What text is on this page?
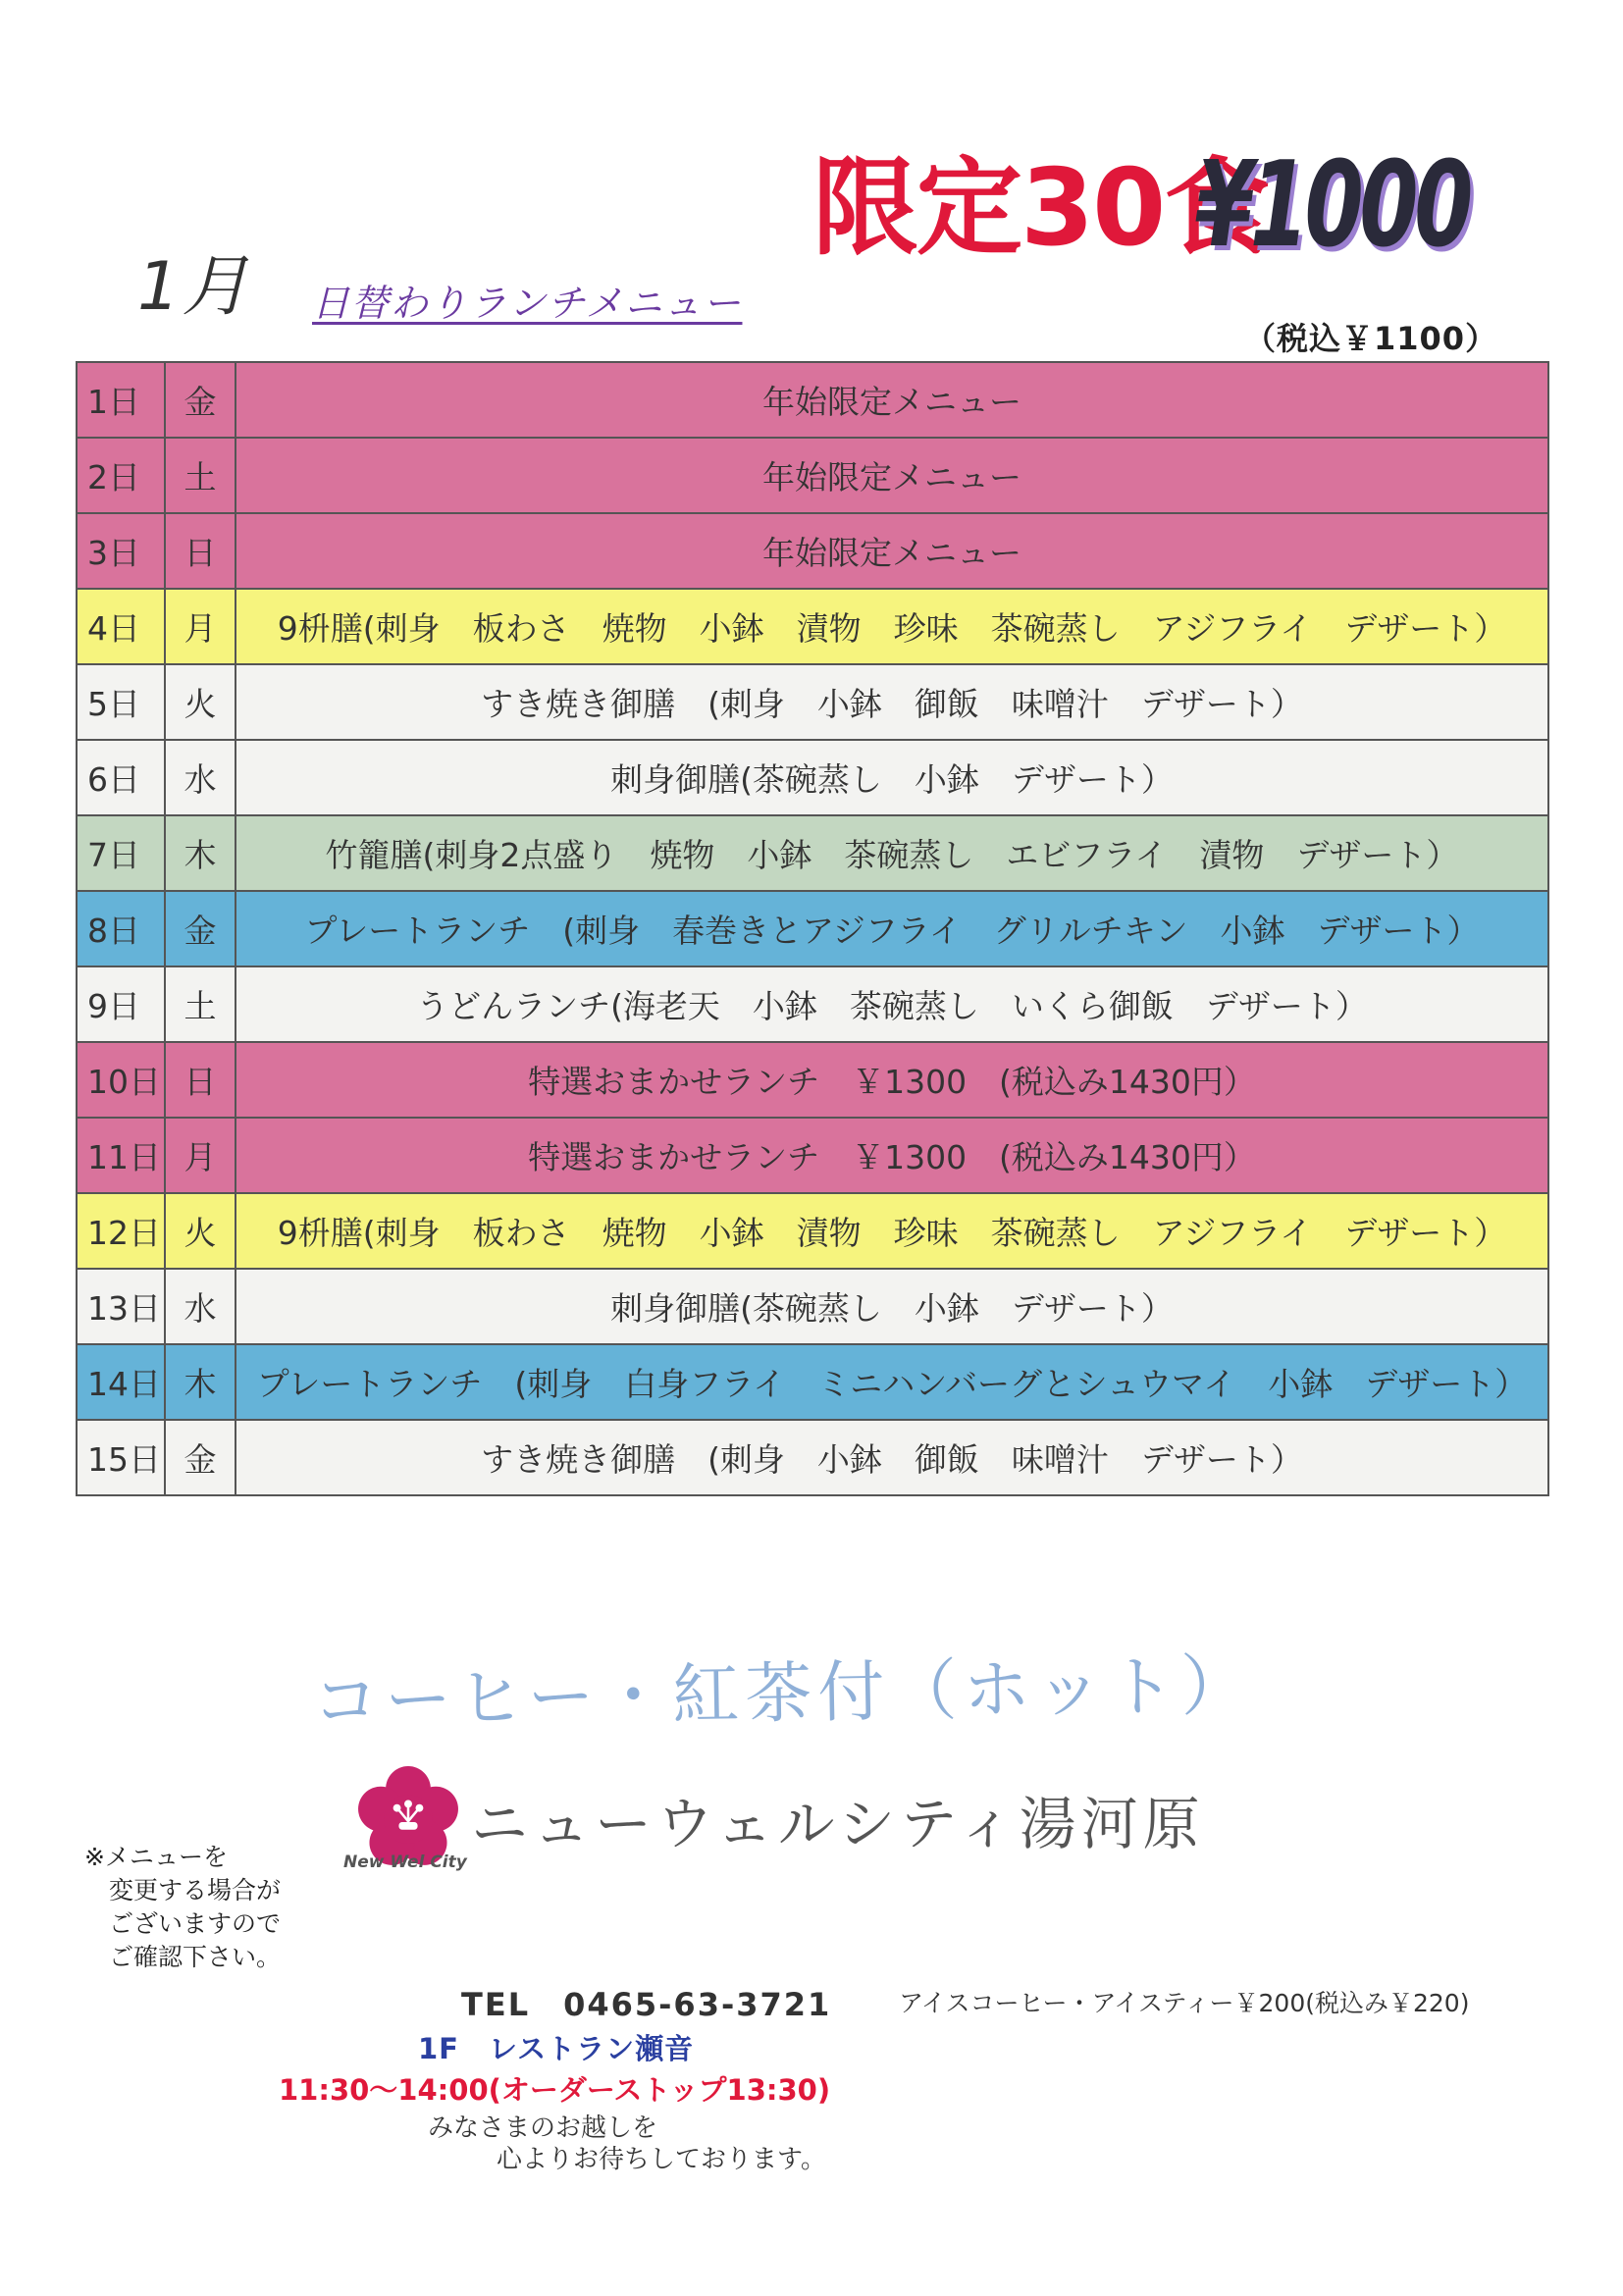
1月 日替わりランチメニュー
限定30食
¥1000
（税込￥1100）
1日	金	年始限定メニュー
2日	土	年始限定メニュー
3日	日	年始限定メニュー
4日	月	9枡膳(刺身　板わさ　焼物　小鉢　漬物　珍味　茶碗蒸し　アジフライ　デザート）
5日	火	すき焼き御膳　(刺身　小鉢　御飯　味噌汁　デザート）
6日	水	刺身御膳(茶碗蒸し　小鉢　デザート）
7日	木	竹籠膳(刺身2点盛り　焼物　小鉢　茶碗蒸し　エビフライ　漬物　デザート）
8日	金	プレートランチ　(刺身　春巻きとアジフライ　グリルチキン　小鉢　デザート）
9日	土	うどんランチ(海老天　小鉢　茶碗蒸し　いくら御飯　デザート）
10日	日	特選おまかせランチ　￥1300　(税込み1430円）
11日	月	特選おまかせランチ　￥1300　(税込み1430円）
12日	火	9枡膳(刺身　板わさ　焼物　小鉢　漬物　珍味　茶碗蒸し　アジフライ　デザート）
13日	水	刺身御膳(茶碗蒸し　小鉢　デザート）
14日	木	プレートランチ　(刺身　白身フライ　ミニハンバーグとシュウマイ　小鉢　デザート）
15日	金	すき焼き御膳　(刺身　小鉢　御飯　味噌汁　デザート）
コーヒー・紅茶付（ホット）
ニューウェルシティ湯河原
New Wel City
※メニューを
　変更する場合が
　ございますので
　ご確認下さい。
TEL　0465-63-3721	アイスコーヒー・アイスティー￥200(税込み￥220)
1F　レストラン瀬音
11:30～14:00(オーダーストップ13:30)
みなさまのお越しを
心よりお待ちしております。
